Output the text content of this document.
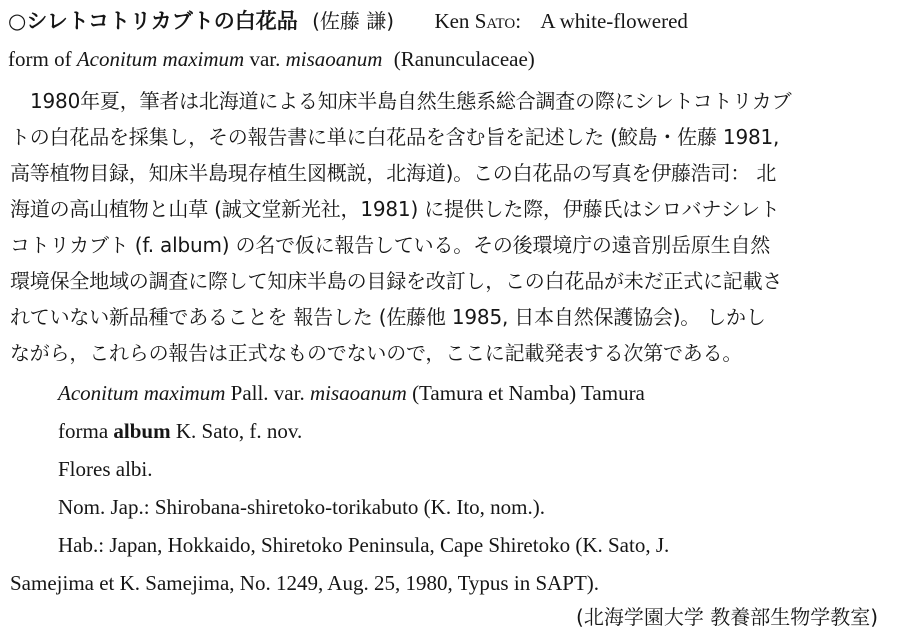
○シレトコトリカブトの白花品 (佐藤 謙) Ken Sato: A white-flowered
form of Aconitum maximum var. misaoanum (Ranunculaceae)
1980年夏，筆者は北海道による知床半島自然生態系総合調査の際にシレトコトリカブ
トの白花品を採集し，その報告書に単に白花品を含む旨を記述した (鮫島・佐藤 1981,
高等植物目録，知床半島現存植生図概説，北海道)。この白花品の写真を伊藤浩司： 北
海道の高山植物と山草 (誠文堂新光社，1981) に提供した際，伊藤氏はシロバナシレト
コトリカブト (f. album) の名で仮に報告している。その後環境庁の遠音別岳原生自然
環境保全地域の調査に際して知床半島の目録を改訂し，この白花品が未だ正式に記載さ
れていない新品種であることを 報告した (佐藤他 1985, 日本自然保護協会)。 しかし
ながら，これらの報告は正式なものでないので，ここに記載発表する次第である。
Aconitum maximum Pall. var. misaoanum (Tamura et Namba) Tamura
forma album K. Sato, f. nov.
Flores albi.
Nom. Jap.: Shirobana-shiretoko-torikabuto (K. Ito, nom.).
Hab.: Japan, Hokkaido, Shiretoko Peninsula, Cape Shiretoko (K. Sato, J.
Samejima et K. Samejima, No. 1249, Aug. 25, 1980, Typus in SAPT).
(北海学園大学 教養部生物学教室)
